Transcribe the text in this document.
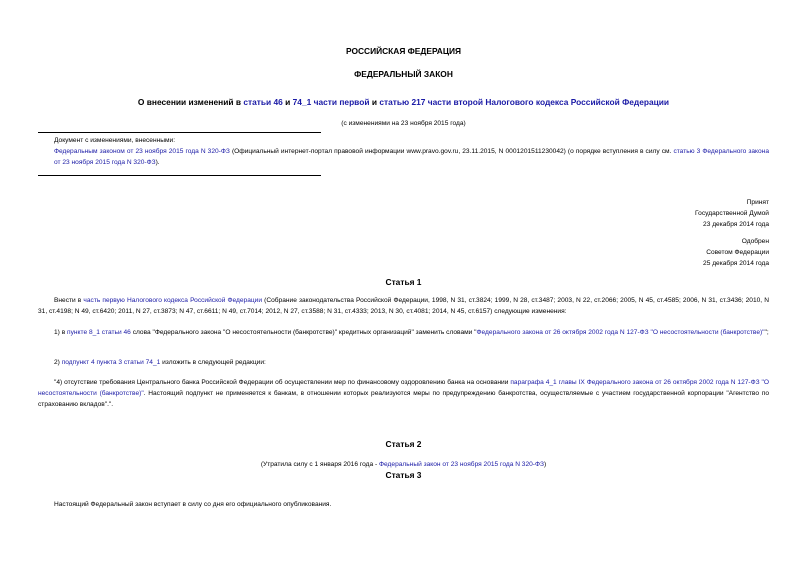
РОССИЙСКАЯ ФЕДЕРАЦИЯ
ФЕДЕРАЛЬНЫЙ ЗАКОН
О внесении изменений в статьи 46 и 74_1 части первой и статью 217 части второй Налогового кодекса Российской Федерации
(с изменениями на 23 ноября 2015 года)
Документ с изменениями, внесенными:
Федеральным законом от 23 ноября 2015 года N 320-ФЗ (Официальный интернет-портал правовой информации www.pravo.gov.ru, 23.11.2015, N 0001201511230042) (о порядке вступления в силу см. статью 3 Федерального закона от 23 ноября 2015 года N 320-ФЗ).
Принят
Государственной Думой
23 декабря 2014 года
Одобрен
Советом Федерации
25 декабря 2014 года
Статья 1
Внести в часть первую Налогового кодекса Российской Федерации (Собрание законодательства Российской Федерации, 1998, N 31, ст.3824; 1999, N 28, ст.3487; 2003, N 22, ст.2066; 2005, N 45, ст.4585; 2006, N 31, ст.3436; 2010, N 31, ст.4198; N 49, ст.6420; 2011, N 27, ст.3873; N 47, ст.6611; N 49, ст.7014; 2012, N 27, ст.3588; N 31, ст.4333; 2013, N 30, ст.4081; 2014, N 45, ст.6157) следующие изменения:
1) в пункте 8_1 статьи 46 слова "Федерального закона "О несостоятельности (банкротстве)" кредитных организаций" заменить словами "Федерального закона от 26 октября 2002 года N 127-ФЗ "О несостоятельности (банкротстве)"";
2) подпункт 4 пункта 3 статьи 74_1 изложить в следующей редакции:
"4) отсутствие требования Центрального банка Российской Федерации об осуществлении мер по финансовому оздоровлению банка на основании параграфа 4_1 главы IX Федерального закона от 26 октября 2002 года N 127-ФЗ "О несостоятельности (банкротстве)". Настоящий подпункт не применяется к банкам, в отношении которых реализуются меры по предупреждению банкротства, осуществляемые с участием государственной корпорации "Агентство по страхованию вкладов".".
Статья 2
(Утратила силу с 1 января 2016 года - Федеральный закон от 23 ноября 2015 года N 320-ФЗ)
Статья 3
Настоящий Федеральный закон вступает в силу со дня его официального опубликования.
